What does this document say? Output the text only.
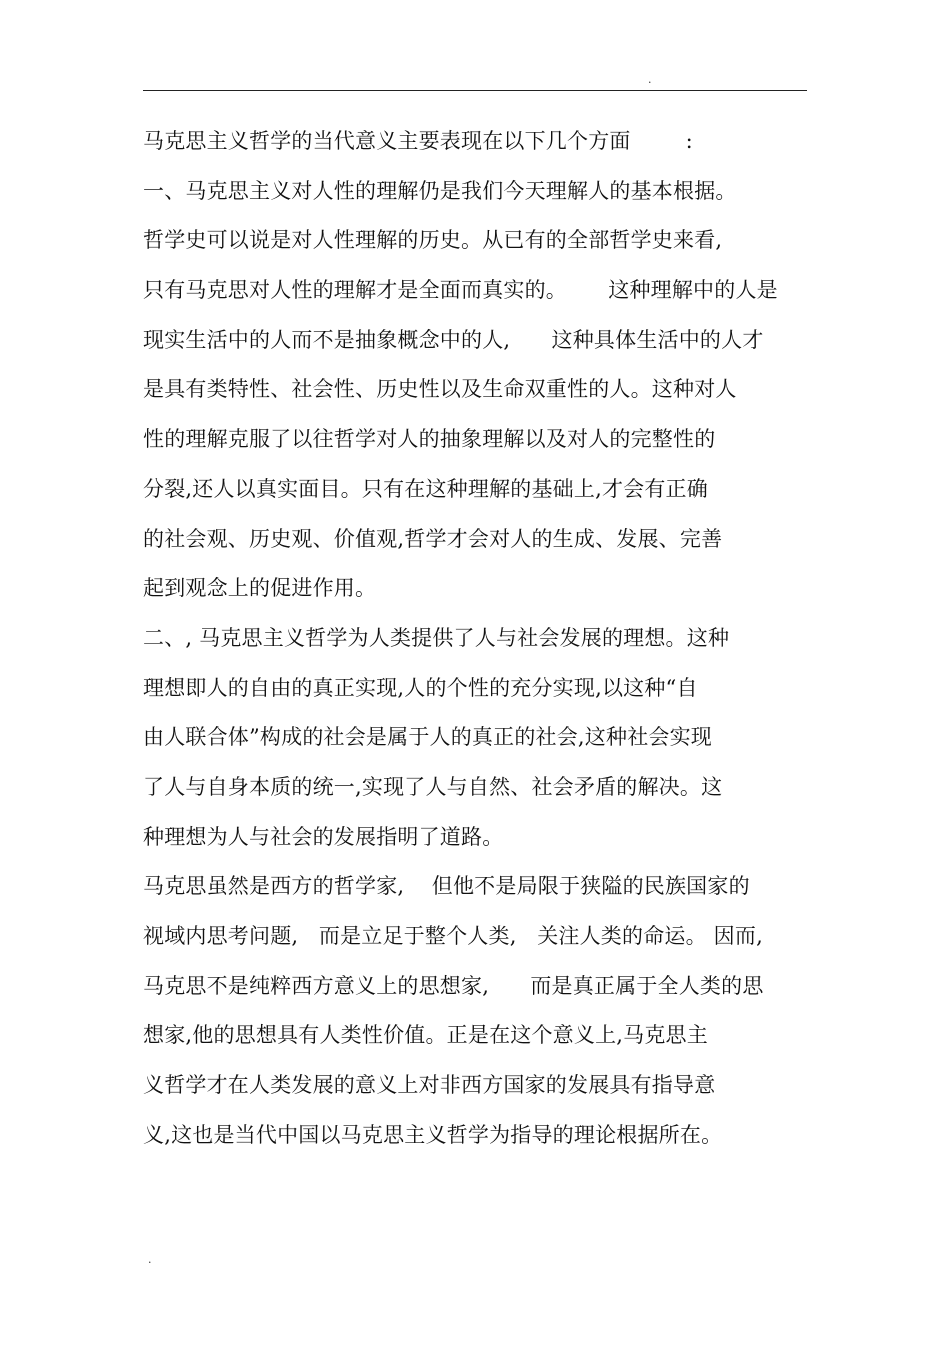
.
马克思主义哲学的当代意义主要表现在以下几个方面        :
一、马克思主义对人性的理解仍是我们今天理解人的基本根据。
哲学史可以说是对人性理解的历史。从已有的全部哲学史来看,
只有马克思对人性的理解才是全面而真实的。      这种理解中的人是
现实生活中的人而不是抽象概念中的人,      这种具体生活中的人才
是具有类特性、社会性、历史性以及生命双重性的人。这种对人
性的理解克服了以往哲学对人的抽象理解以及对人的完整性的
分裂,还人以真实面目。只有在这种理解的基础上,才会有正确
的社会观、历史观、价值观,哲学才会对人的生成、发展、完善
起到观念上的促进作用。
二、, 马克思主义哲学为人类提供了人与社会发展的理想。这种
理想即人的自由的真正实现,人的个性的充分实现,以这种“自
由人联合体”构成的社会是属于人的真正的社会,这种社会实现
了人与自身本质的统一,实现了人与自然、社会矛盾的解决。这
种理想为人与社会的发展指明了道路。
马克思虽然是西方的哲学家,    但他不是局限于狭隘的民族国家的
视域内思考问题,   而是立足于整个人类,   关注人类的命运。 因而,
马克思不是纯粹西方意义上的思想家,      而是真正属于全人类的思
想家,他的思想具有人类性价值。正是在这个意义上,马克思主
义哲学才在人类发展的意义上对非西方国家的发展具有指导意
义,这也是当代中国以马克思主义哲学为指导的理论根据所在。
.
